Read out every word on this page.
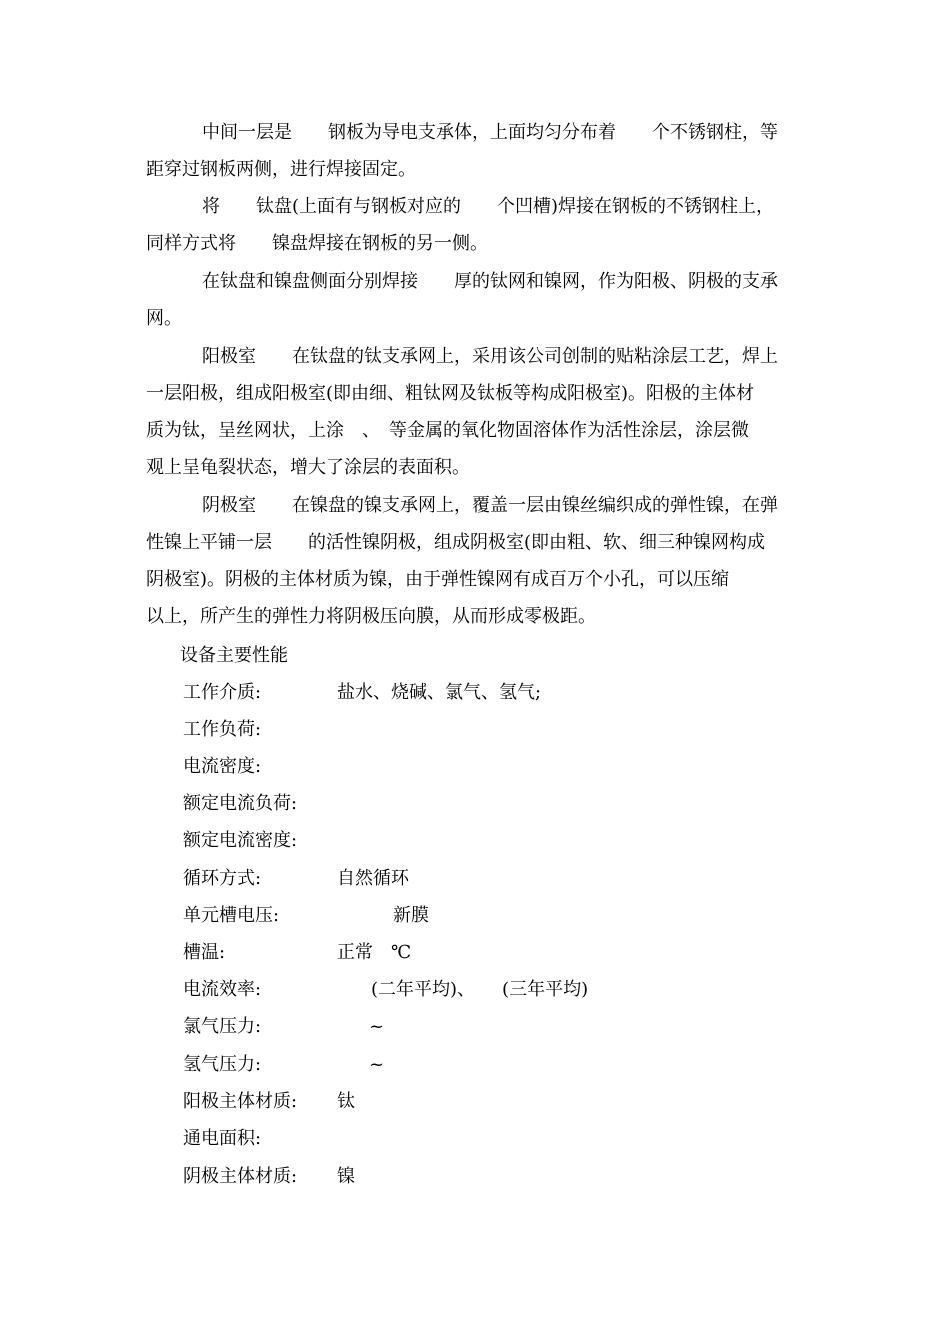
中间一层是　　钢板为导电支承体，上面均匀分布着　　个不锈钢柱，等
距穿过钢板两侧，进行焊接固定。
将　　钛盘(上面有与钢板对应的　　个凹槽)焊接在钢板的不锈钢柱上，
同样方式将　　镍盘焊接在钢板的另一侧。
在钛盘和镍盘侧面分别焊接　　厚的钛网和镍网，作为阳极、阴极的支承
网。
阳极室　　在钛盘的钛支承网上，采用该公司创制的贴粘涂层工艺，焊上
一层阳极，组成阳极室(即由细、粗钛网及钛板等构成阳极室)。阳极的主体材
质为钛，呈丝网状，上涂　、　等金属的氧化物固溶体作为活性涂层，涂层微
观上呈龟裂状态，增大了涂层的表面积。
阴极室　　在镍盘的镍支承网上，覆盖一层由镍丝编织成的弹性镍，在弹
性镍上平铺一层　　的活性镍阴极，组成阴极室(即由粗、软、细三种镍网构成
阴极室)。阴极的主体材质为镍，由于弹性镍网有成百万个小孔，可以压缩
以上，所产生的弹性力将阴极压向膜，从而形成零极距。
设备主要性能
工作介质:	盐水、烧碱、氯气、氢气;
工作负荷:
电流密度:
额定电流负荷:
额定电流密度:
循环方式:	自然循环
单元槽电压:	新膜
槽温:	正常　℃
电流效率:	(二年平均)、　　(三年平均)
氯气压力:	~
氢气压力:	~
阳极主体材质: 钛
通电面积:
阴极主体材质: 镍
